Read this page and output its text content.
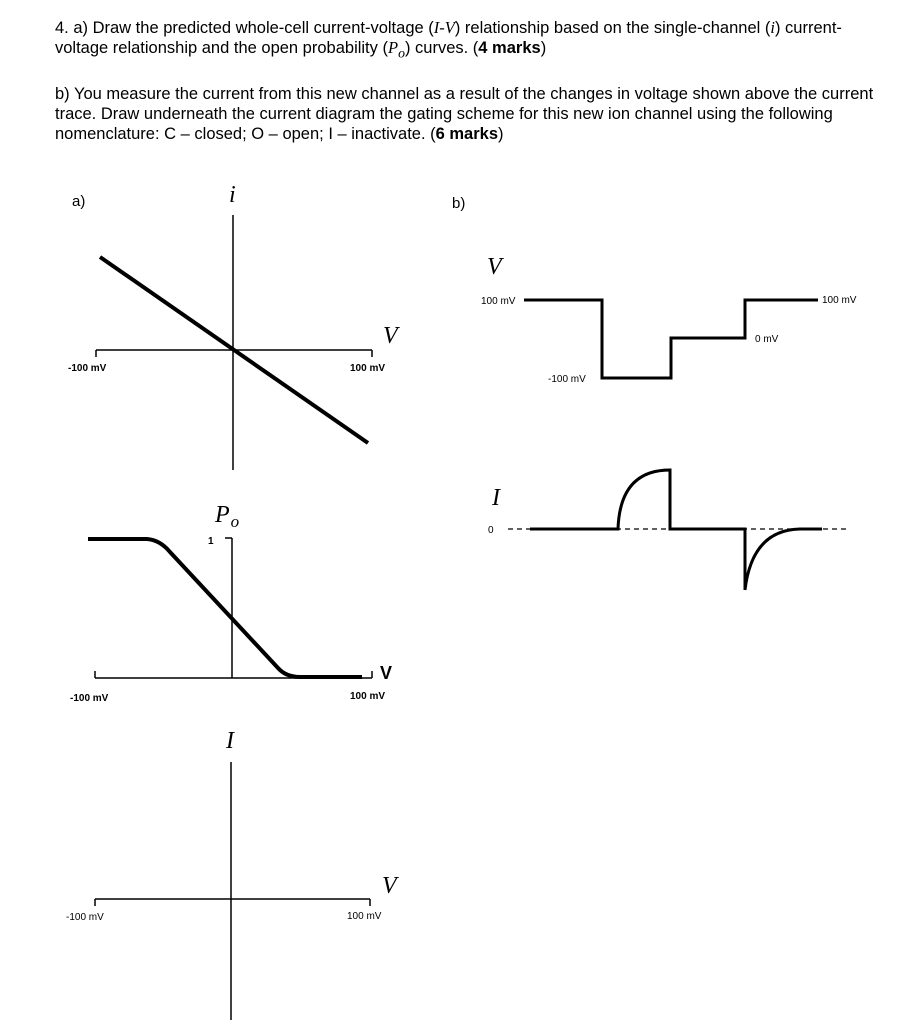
4. a) Draw the predicted whole-cell current-voltage (I-V) relationship based on the single-channel (i) current-voltage relationship and the open probability $(P_o)$ curves. (4 marks)
b) You measure the current from this new channel as a result of the changes in voltage shown above the current trace. Draw underneath the current diagram the gating scheme for this new ion channel using the following nomenclature: C – closed; O – open; I – inactivate. (6 marks)
a)	i
V
-100 mV	100 mV
$P_o$
1
V
-100 mV	100 mV
I
V
-100 mV	100 mV
b)
V
100 mV	100 mV
-100 mV
0 mV
I
0
